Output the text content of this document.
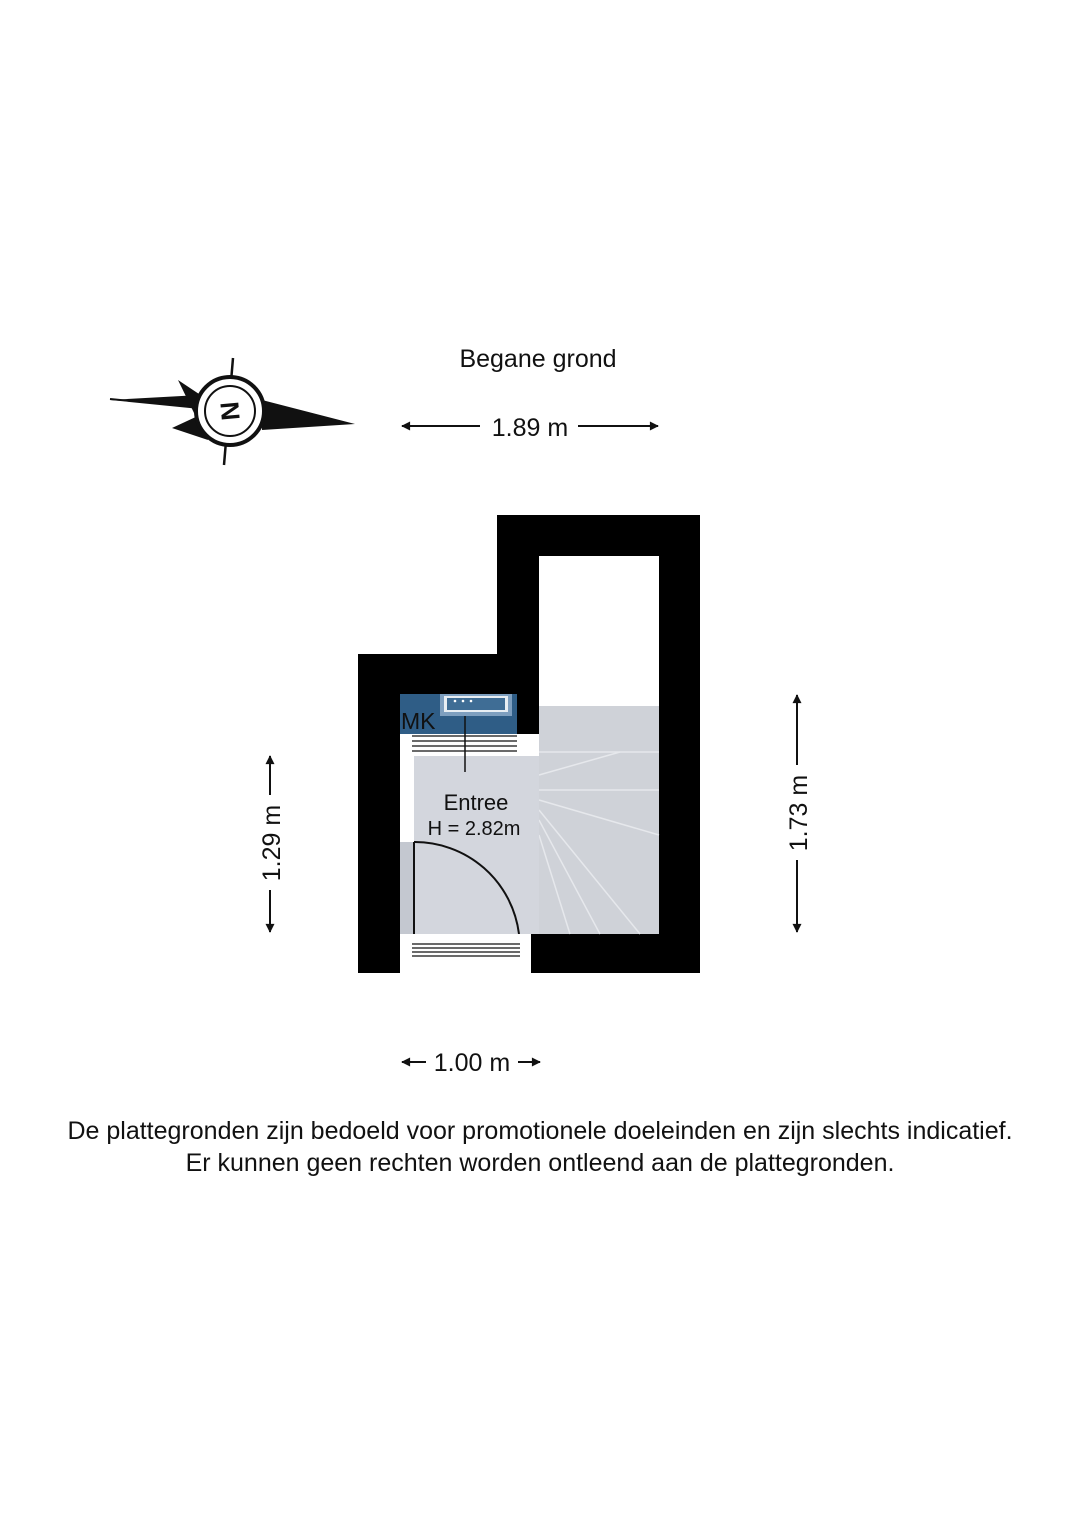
Begane grond
N
1.89 m
MK
Entree
H = 2.82m
1.29 m	1.73 m
1.00 m
De plattegronden zijn bedoeld voor promotionele doeleinden en zijn slechts indicatief.
Er kunnen geen rechten worden ontleend aan de plattegronden.
